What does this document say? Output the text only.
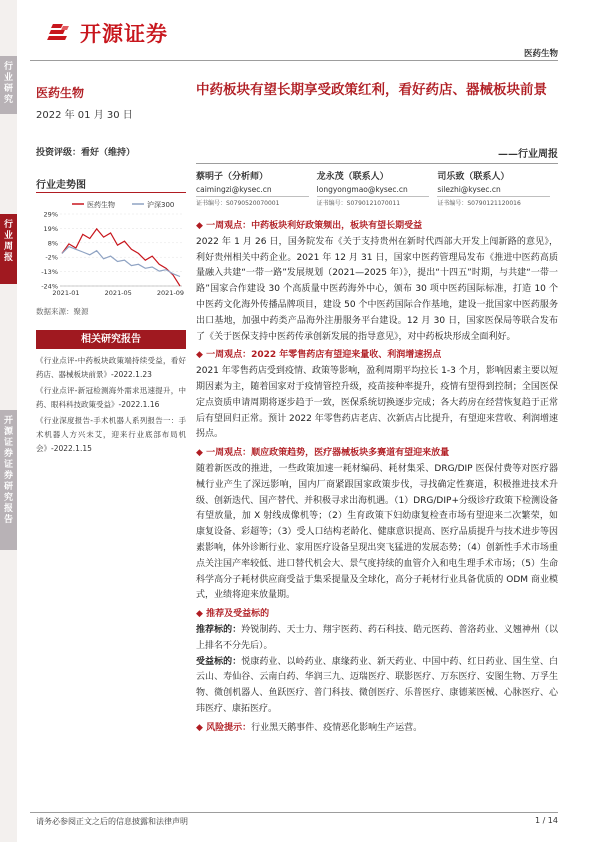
行业研究
行业周报
开源证券 证券研究报告
开源证券
医药生物
医药生物
2022 年 01 月 30 日
投资评级：看好（维持）
行业走势图
医药生物	沪深300
29%
19%
8%
-2%
-13%
-24%
2021-01	2021-05	2021-09
数据来源：聚源
相关研究报告

《行业点评-中药板块政策端持续受益，看好药店、器械板块前景》-2022.1.23

《行业点评-新冠检测海外需求迅速提升，中药、眼科科技政策受益》-2022.1.16

《行业深度报告-手术机器人系列报告一：手术机器人方兴未艾，迎来行业底部布局机会》-2022.1.15

中药板块有望长期享受政策红利，看好药店、器械板块前景
——行业周报
蔡明子（分析师）
caimingzi@kysec.cn
证书编号：S0790520070001
龙永茂（联系人）
longyongmao@kysec.cn
证书编号：S0790121070011
司乐致（联系人）
silezhi@kysec.cn
证书编号：S0790121120016

◆ 一周观点：中药板块利好政策频出，板块有望长期受益

2022 年 1 月 26 日，国务院发布《关于支持贵州在新时代西部大开发上闯新路的意见》，利好贵州相关中药企业。2021 年 12 月 31 日，国家中医药管理局发布《推进中医药高质量融入共建“一带一路”发展规划（2021—2025 年）》，提出“十四五”时期，与共建“一带一路”国家合作建设 30 个高质量中医药海外中心，颁布 30 项中医药国际标准，打造 10 个中医药文化海外传播品牌项目，建设 50 个中医药国际合作基地，建设一批国家中医药服务出口基地，加强中药类产品海外注册服务平台建设。12 月 30 日，国家医保局等联合发布了《关于医保支持中医药传承创新发展的指导意见》，对中药板块形成全面利好。

◆ 一周观点：2022 年零售药店有望迎来量收、利润增速拐点

2021 年零售药店受到疫情、政策等影响，盈利周期平均拉长 1-3 个月，影响因素主要以短期因素为主，随着国家对于疫情管控升级，疫苗接种率提升，疫情有望得到控制；全国医保定点资质申请周期将逐步趋于一致，医保系统切换逐步完成；各大药房在经营恢复趋于正常后有望回归正常。预计 2022 年零售药店老店、次新店占比提升，有望迎来营收、利润增速拐点。

◆ 一周观点：顺应政策趋势，医疗器械板块多赛道有望迎来放量

随着新医改的推进，一些政策加速一耗材编码、耗材集采、DRG/DIP 医保付费等对医疗器械行业产生了深远影响，国内厂商紧跟国家政策步伐，寻找确定性赛道，积极推进技术升级、创新迭代、国产替代、并积极寻求出海机遇。（1）DRG/DIP+分级诊疗政策下检测设备有望放量，加 X 射线成像机等；（2）生育政策下妇幼康复检查市场有望迎来二次繁荣，如康复设备、彩超等；（3）受人口结构老龄化、健康意识提高、医疗品质提升与技术进步等因素影响，体外诊断行业、家用医疗设备呈现出突飞猛进的发展态势；（4）创新性手术市场重点关注国产率较低、进口替代机会大、景气度持续的血管介入和电生理手术市场；（5）生命科学高分子耗材供应商受益于集采提量及全球化，高分子耗材行业具备优质的 ODM 商业模式，业绩将迎来放量期。

◆ 推荐及受益标的

推荐标的：羚锐制药、天士力、翔宇医药、药石科技、皓元医药、普洛药业、义翘神州（以上排名不分先后）。

受益标的：悦康药业、以岭药业、康缘药业、新天药业、中国中药、红日药业、国生堂、白云山、寿仙谷、云南白药、华润三九、迈瑞医疗、联影医疗、万东医疗、安图生物、万孚生物、微创机器人、鱼跃医疗、普门科技、微创医疗、乐普医疗、康德莱医械、心脉医疗、心玮医疗、康拓医疗。

◆ 风险提示：行业黑天鹅事件、疫情恶化影响生产运营。

请务必参阅正文之后的信息披露和法律声明	1 / 14
